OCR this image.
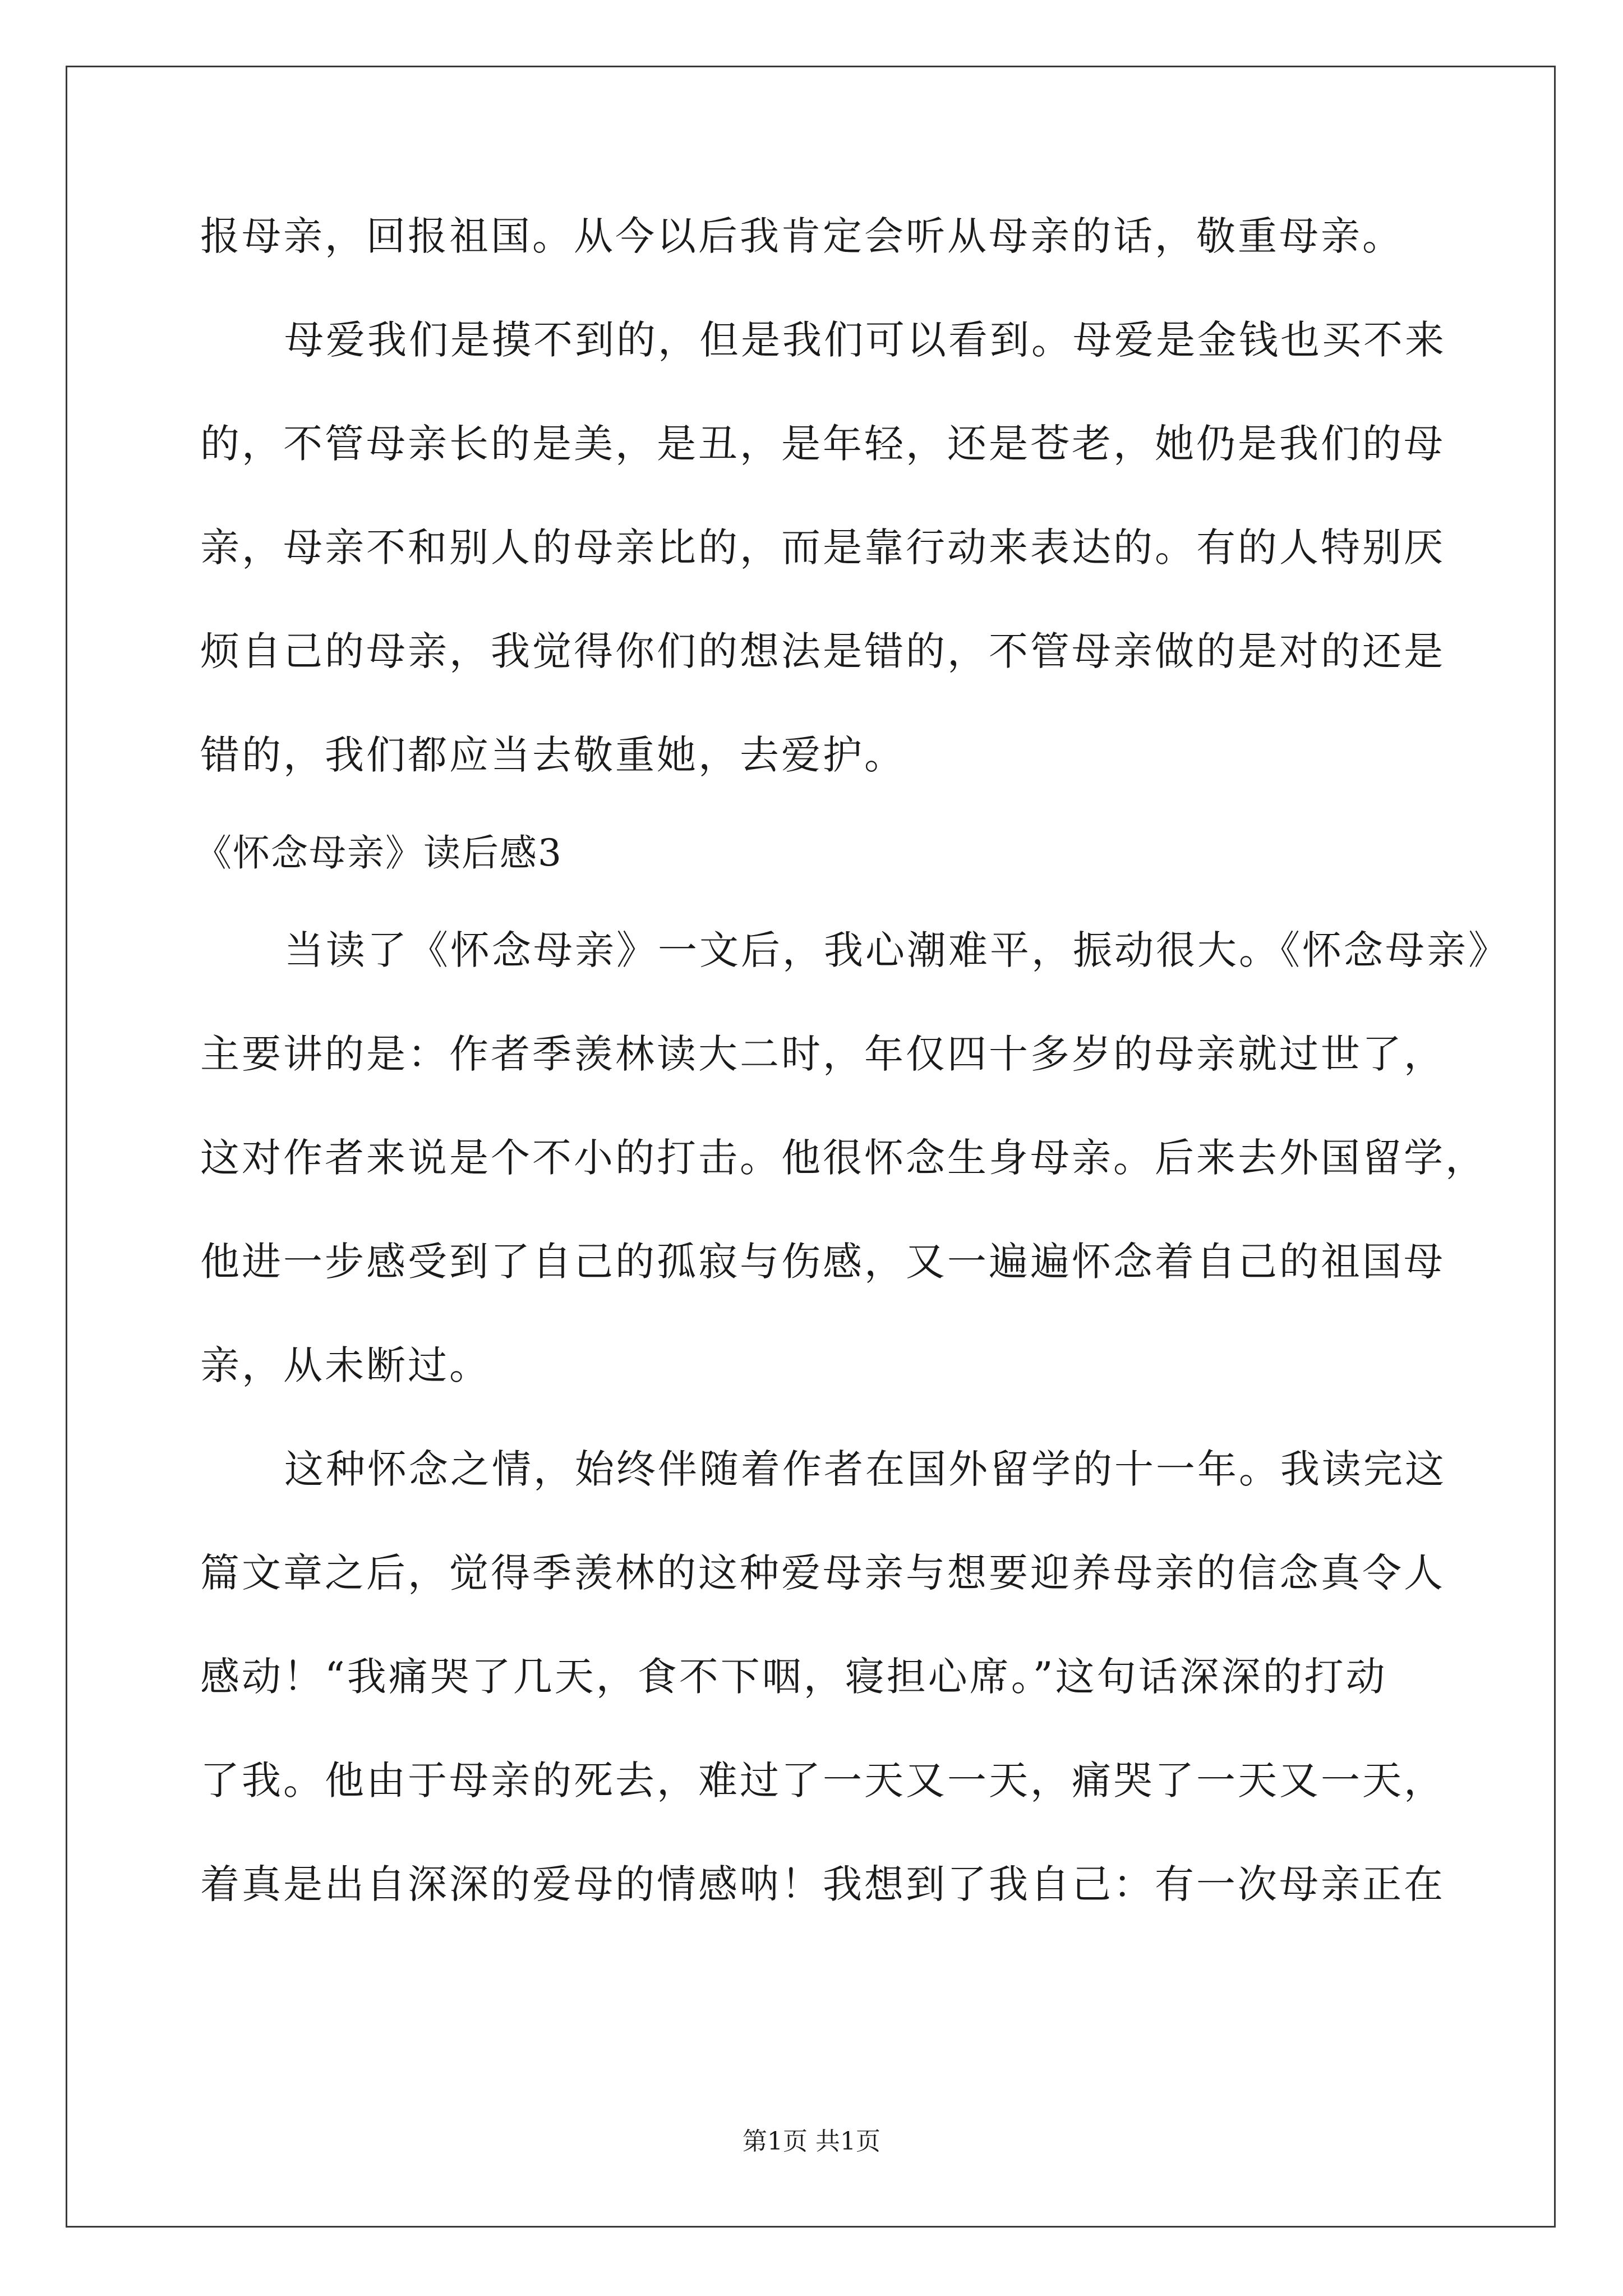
报母亲，回报祖国。从今以后我肯定会听从母亲的话，敬重母亲。

母爱我们是摸不到的，但是我们可以看到。母爱是金钱也买不来

的，不管母亲长的是美，是丑，是年轻，还是苍老，她仍是我们的母

亲，母亲不和别人的母亲比的，而是靠行动来表达的。有的人特别厌

烦自己的母亲，我觉得你们的想法是错的，不管母亲做的是对的还是

错的，我们都应当去敬重她，去爱护。

《怀念母亲》读后感3

当读了《怀念母亲》一文后，我心潮难平，振动很大。《怀念母亲》

主要讲的是：作者季羡林读大二时，年仅四十多岁的母亲就过世了，

这对作者来说是个不小的打击。他很怀念生身母亲。后来去外国留学，

他进一步感受到了自己的孤寂与伤感，又一遍遍怀念着自己的祖国母

亲，从未断过。

这种怀念之情，始终伴随着作者在国外留学的十一年。我读完这

篇文章之后，觉得季羡林的这种爱母亲与想要迎养母亲的信念真令人

感动！“我痛哭了几天，食不下咽，寝担心席。”这句话深深的打动

了我。他由于母亲的死去，难过了一天又一天，痛哭了一天又一天，

着真是出自深深的爱母的情感呐！我想到了我自己：有一次母亲正在

第1页 共1页
